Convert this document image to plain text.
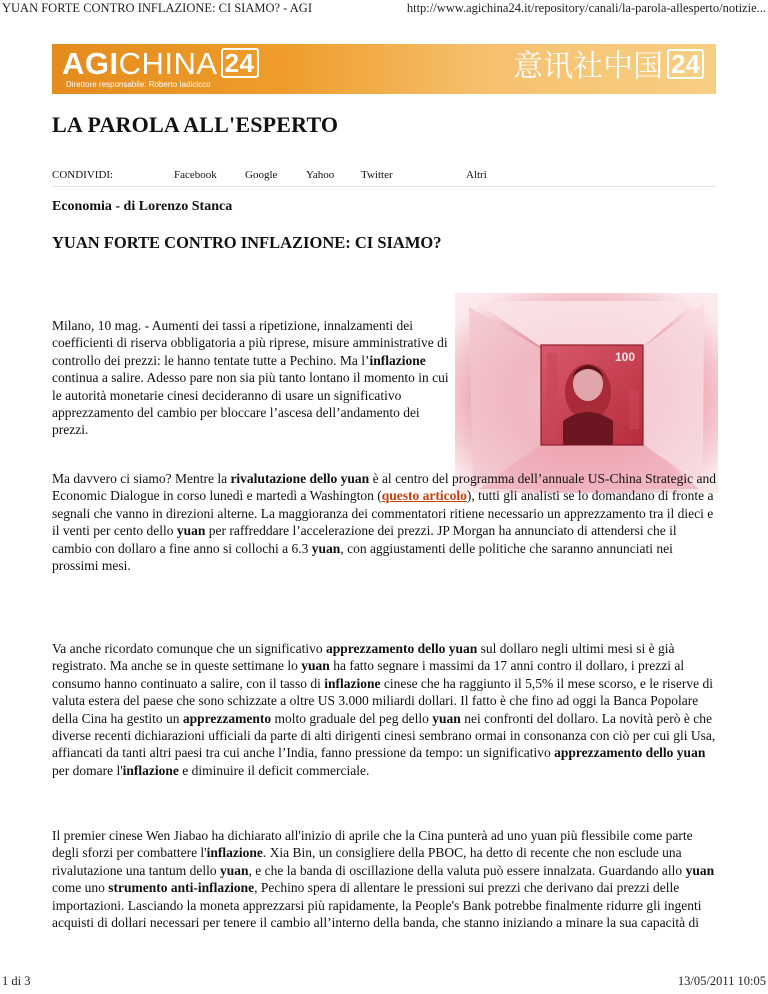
YUAN FORTE CONTRO INFLAZIONE: CI SIAMO? - AGI	http://www.agichina24.it/repository/canali/la-parola-allesperto/notizie...
AGICHINA 24
Direttore responsabile: Roberto Iadicicco
意讯社中国 24
LA PAROLA ALL'ESPERTO
CONDIVIDI:	Facebook	Google	Yahoo Twitter	Altri
Economia - di Lorenzo Stanca
YUAN FORTE CONTRO INFLAZIONE: CI SIAMO?
100

Milano, 10 mag. - Aumenti dei tassi a ripetizione, innalzamenti dei coefficienti di riserva obbligatoria a più riprese, misure amministrative di controllo dei prezzi: le hanno tentate tutte a Pechino. Ma l’inflazione continua a salire. Adesso pare non sia più tanto lontano il momento in cui le autorità monetarie cinesi decideranno di usare un significativo apprezzamento del cambio per bloccare l’ascesa dell’andamento dei prezzi.

Ma davvero ci siamo? Mentre la rivalutazione dello yuan è al centro del programma dell’annuale US-China Strategic and Economic Dialogue in corso lunedì e martedì a Washington (questo articolo), tutti gli analisti se lo domandano di fronte a segnali che vanno in direzioni alterne. La maggioranza dei commentatori ritiene necessario un apprezzamento tra il dieci e il venti per cento dello yuan per raffreddare l’accelerazione dei prezzi. JP Morgan ha annunciato di attendersi che il cambio con dollaro a fine anno si collochi a 6.3 yuan, con aggiustamenti delle politiche che saranno annunciati nei prossimi mesi.

Va anche ricordato comunque che un significativo apprezzamento dello yuan sul dollaro negli ultimi mesi si è già registrato. Ma anche se in queste settimane lo yuan ha fatto segnare i massimi da 17 anni contro il dollaro, i prezzi al consumo hanno continuato a salire, con il tasso di inflazione cinese che ha raggiunto il 5,5% il mese scorso, e le riserve di valuta estera del paese che sono schizzate a oltre US 3.000 miliardi dollari. Il fatto è che fino ad oggi la Banca Popolare della Cina ha gestito un apprezzamento molto graduale del peg dello yuan nei confronti del dollaro. La novità però è che diverse recenti dichiarazioni ufficiali da parte di alti dirigenti cinesi sembrano ormai in consonanza con ciò per cui gli Usa, affiancati da tanti altri paesi tra cui anche l’India, fanno pressione da tempo: un significativo apprezzamento dello yuan per domare l'inflazione e diminuire il deficit commerciale.

Il premier cinese Wen Jiabao ha dichiarato all'inizio di aprile che la Cina punterà ad uno yuan più flessibile come parte degli sforzi per combattere l'inflazione. Xia Bin, un consigliere della PBOC, ha detto di recente che non esclude una rivalutazione una tantum dello yuan, e che la banda di oscillazione della valuta può essere innalzata. Guardando allo yuan come uno strumento anti-inflazione, Pechino spera di allentare le pressioni sui prezzi che derivano dai prezzi delle importazioni. Lasciando la moneta apprezzarsi più rapidamente, la People's Bank potrebbe finalmente ridurre gli ingenti acquisti di dollari necessari per tenere il cambio all’interno della banda, che stanno iniziando a minare la sua capacità di

1 di 3	13/05/2011 10:05
